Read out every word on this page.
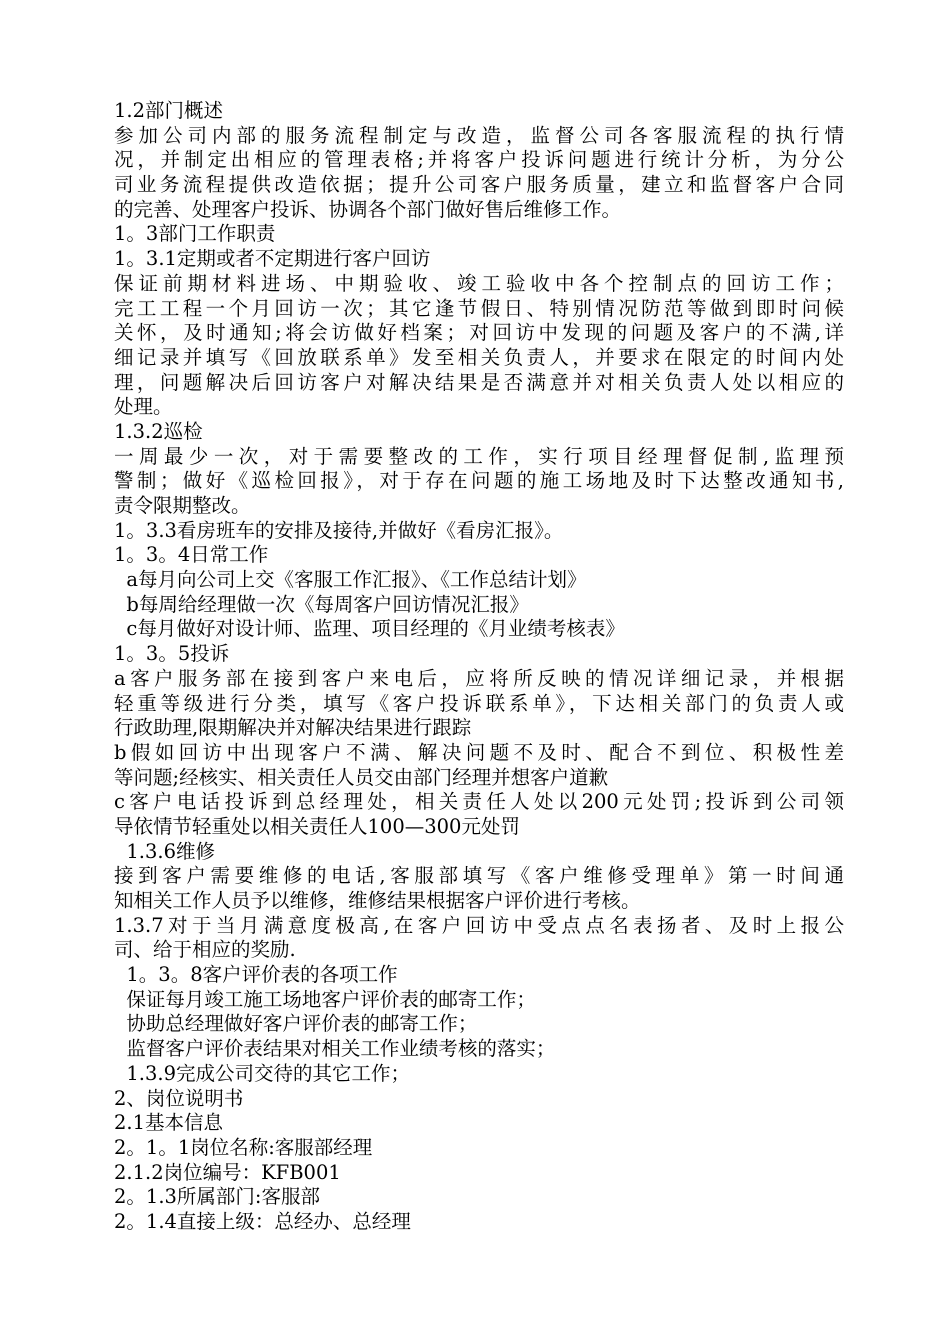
1.2部门概述
参加公司内部的服务流程制定与改造，监督公司各客服流程的执行情
况，并制定出相应的管理表格;并将客户投诉问题进行统计分析，为分公
司业务流程提供改造依据；提升公司客户服务质量，建立和监督客户合同
的完善、处理客户投诉、协调各个部门做好售后维修工作。
1。3部门工作职责
1。3.1定期或者不定期进行客户回访
保证前期材料进场、中期验收、竣工验收中各个控制点的回访工作；
完工工程一个月回访一次；其它逢节假日、特别情况防范等做到即时问候
关怀，及时通知;将会访做好档案；对回访中发现的问题及客户的不满,详
细记录并填写《回放联系单》发至相关负责人，并要求在限定的时间内处
理，问题解决后回访客户对解决结果是否满意并对相关负责人处以相应的
处理。
1.3.2巡检
一周最少一次，对于需要整改的工作，实行项目经理督促制,监理预
警制；做好《巡检回报》，对于存在问题的施工场地及时下达整改通知书,
责令限期整改。
1。3.3看房班车的安排及接待,并做好《看房汇报》。
1。3。4日常工作
a每月向公司上交《客服工作汇报》、《工作总结计划》
b每周给经理做一次《每周客户回访情况汇报》
c每月做好对设计师、监理、项目经理的《月业绩考核表》
1。3。5投诉
a客户服务部在接到客户来电后，应将所反映的情况详细记录，并根据
轻重等级进行分类，填写《客户投诉联系单》，下达相关部门的负责人或
行政助理,限期解决并对解决结果进行跟踪
b假如回访中出现客户不满、解决问题不及时、配合不到位、积极性差
等问题;经核实、相关责任人员交由部门经理并想客户道歉
c客户电话投诉到总经理处，相关责任人处以200元处罚;投诉到公司领
导依情节轻重处以相关责任人100—300元处罚
1.3.6维修
接到客户需要维修的电话,客服部填写《客户维修受理单》第一时间通
知相关工作人员予以维修，维修结果根据客户评价进行考核。
1.3.7对于当月满意度极高,在客户回访中受点点名表扬者、及时上报公
司、给于相应的奖励.
1。3。8客户评价表的各项工作
保证每月竣工施工场地客户评价表的邮寄工作；
协助总经理做好客户评价表的邮寄工作；
监督客户评价表结果对相关工作业绩考核的落实；
1.3.9完成公司交待的其它工作；
2、岗位说明书
2.1基本信息
2。1。1岗位名称:客服部经理
2.1.2岗位编号：KFB001
2。1.3所属部门:客服部
2。1.4直接上级：总经办、总经理
